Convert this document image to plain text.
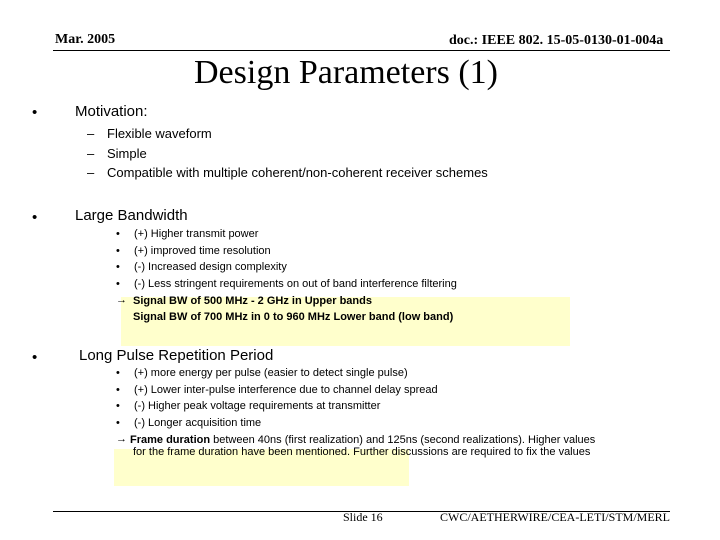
Mar. 2005	doc.: IEEE 802. 15-05-0130-01-004a
Design Parameters (1)
•	Motivation:
– Flexible waveform
– Simple
– Compatible with multiple coherent/non-coherent receiver schemes
•	Large Bandwidth
• (+) Higher transmit power
• (+) improved time resolution
• (-) Increased design complexity
• (-) Less stringent requirements on out of band interference filtering
→ Signal BW of 500 MHz - 2 GHz in Upper bands
Signal BW of 700 MHz in 0 to 960 MHz Lower band (low band)
•	Long Pulse Repetition Period
• (+) more energy per pulse (easier to detect single pulse)
• (+) Lower inter-pulse interference due to channel delay spread
• (-) Higher peak voltage requirements at transmitter
• (-) Longer acquisition time
→ Frame duration between 40ns (first realization) and 125ns (second realizations). Higher values
for the frame duration have been mentioned. Further discussions are required to fix the values
Slide 16	CWC/AETHERWIRE/CEA-LETI/STM/MERL
